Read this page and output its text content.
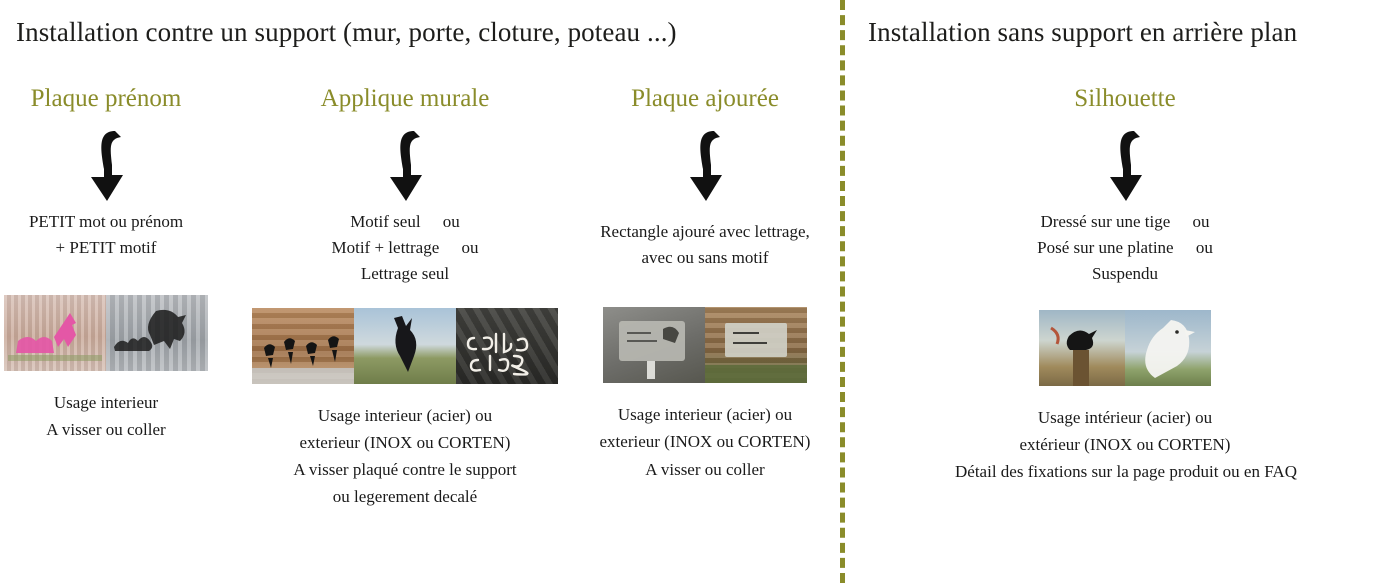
Installation contre un support (mur, porte, cloture, poteau ...)	Installation sans support en arrière plan
Plaque prénom
PETIT mot ou prénom
+ PETIT motif
Usage interieur
A visser ou coller
Applique murale
Motif seul ou
Motif + lettrage ou
Lettrage seul
Usage interieur (acier) ou
exterieur (INOX ou CORTEN)
A visser plaqué contre le support
ou legerement decalé
Plaque ajourée
Rectangle ajouré avec lettrage,
avec ou sans motif
Usage interieur (acier) ou
exterieur (INOX ou CORTEN)
A visser ou coller
Silhouette
Dressé sur une tige ou
Posé sur une platine ou
Suspendu
Usage intérieur (acier) ou
extérieur (INOX ou CORTEN)
Détail des fixations sur la page produit ou en FAQ
